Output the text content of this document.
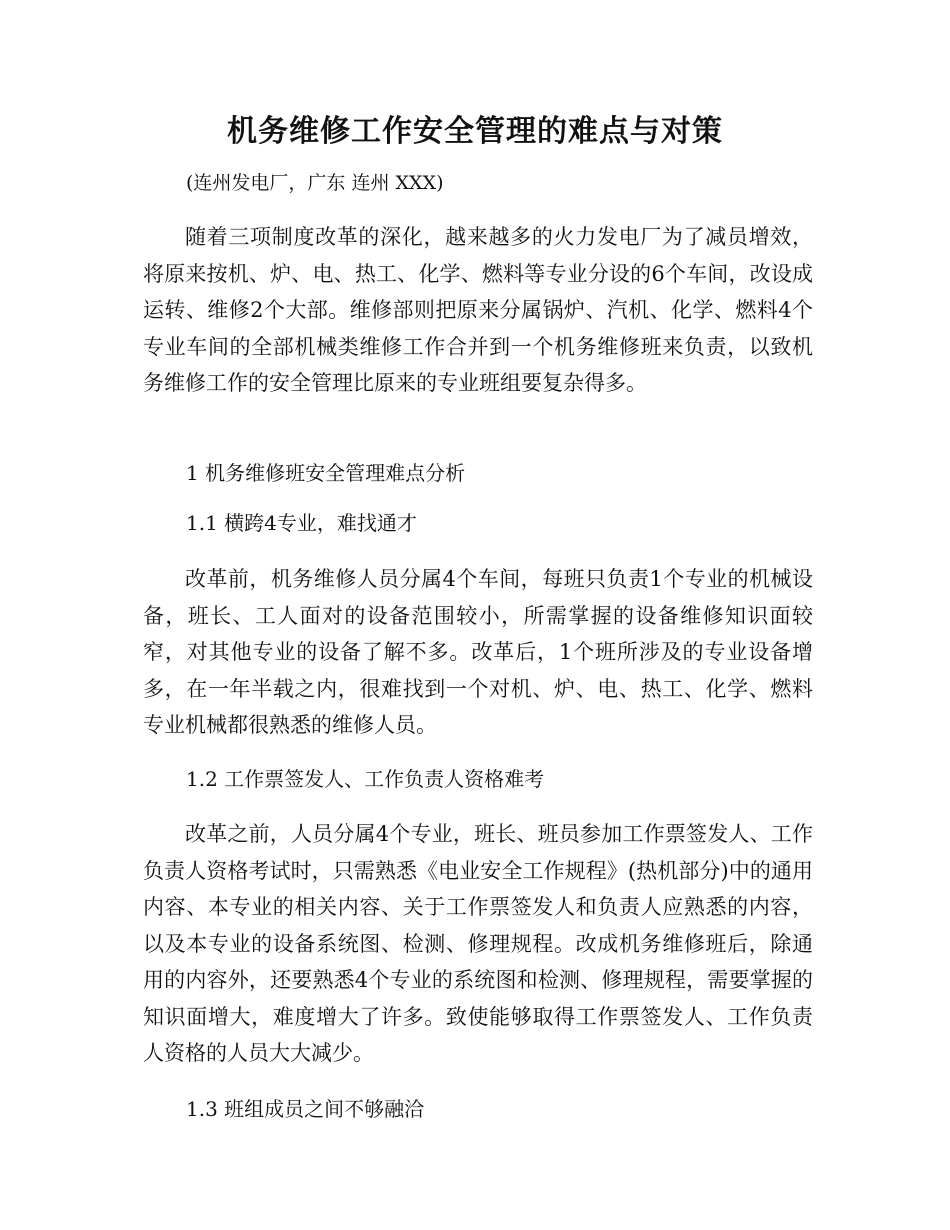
机务维修工作安全管理的难点与对策
(连州发电厂，广东 连州 XXX)
随着三项制度改革的深化，越来越多的火力发电厂为了减员增效，将原来按机、炉、电、热工、化学、燃料等专业分设的6个车间，改设成运转、维修2个大部。维修部则把原来分属锅炉、汽机、化学、燃料4个专业车间的全部机械类维修工作合并到一个机务维修班来负责，以致机务维修工作的安全管理比原来的专业班组要复杂得多。
1 机务维修班安全管理难点分析
1.1 横跨4专业，难找通才
改革前，机务维修人员分属4个车间，每班只负责1个专业的机械设备，班长、工人面对的设备范围较小，所需掌握的设备维修知识面较窄，对其他专业的设备了解不多。改革后，1个班所涉及的专业设备增多，在一年半载之内，很难找到一个对机、炉、电、热工、化学、燃料专业机械都很熟悉的维修人员。
1.2 工作票签发人、工作负责人资格难考
改革之前，人员分属4个专业，班长、班员参加工作票签发人、工作负责人资格考试时，只需熟悉《电业安全工作规程》(热机部分)中的通用内容、本专业的相关内容、关于工作票签发人和负责人应熟悉的内容，以及本专业的设备系统图、检测、修理规程。改成机务维修班后，除通用的内容外，还要熟悉4个专业的系统图和检测、修理规程，需要掌握的知识面增大，难度增大了许多。致使能够取得工作票签发人、工作负责人资格的人员大大减少。
1.3 班组成员之间不够融洽
